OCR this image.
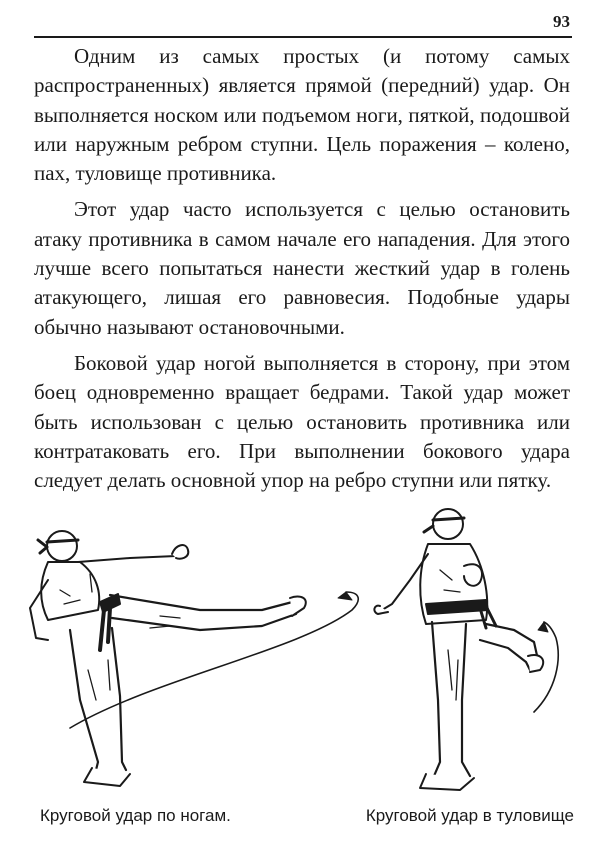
93

Одним из самых простых (и потому самых распространенных) является прямой (передний) удар. Он выполняется носком или подъемом ноги, пяткой, подошвой или наружным ребром ступни. Цель поражения – колено, пах, туловище противника.

Этот удар часто используется с целью остановить атаку противника в самом начале его нападения. Для этого лучше всего попытаться нанести жесткий удар в голень атакующего, лишая его равновесия. Подобные удары обычно называют остановочными.

Боковой удар ногой выполняется в сторону, при этом боец одновременно вращает бедрами. Такой удар может быть использован с целью остановить противника или контратаковать его. При выполнении бокового удара следует делать основной упор на ребро ступни или пятку.

Круговой удар по ногам.	Круговой удар в туловище
